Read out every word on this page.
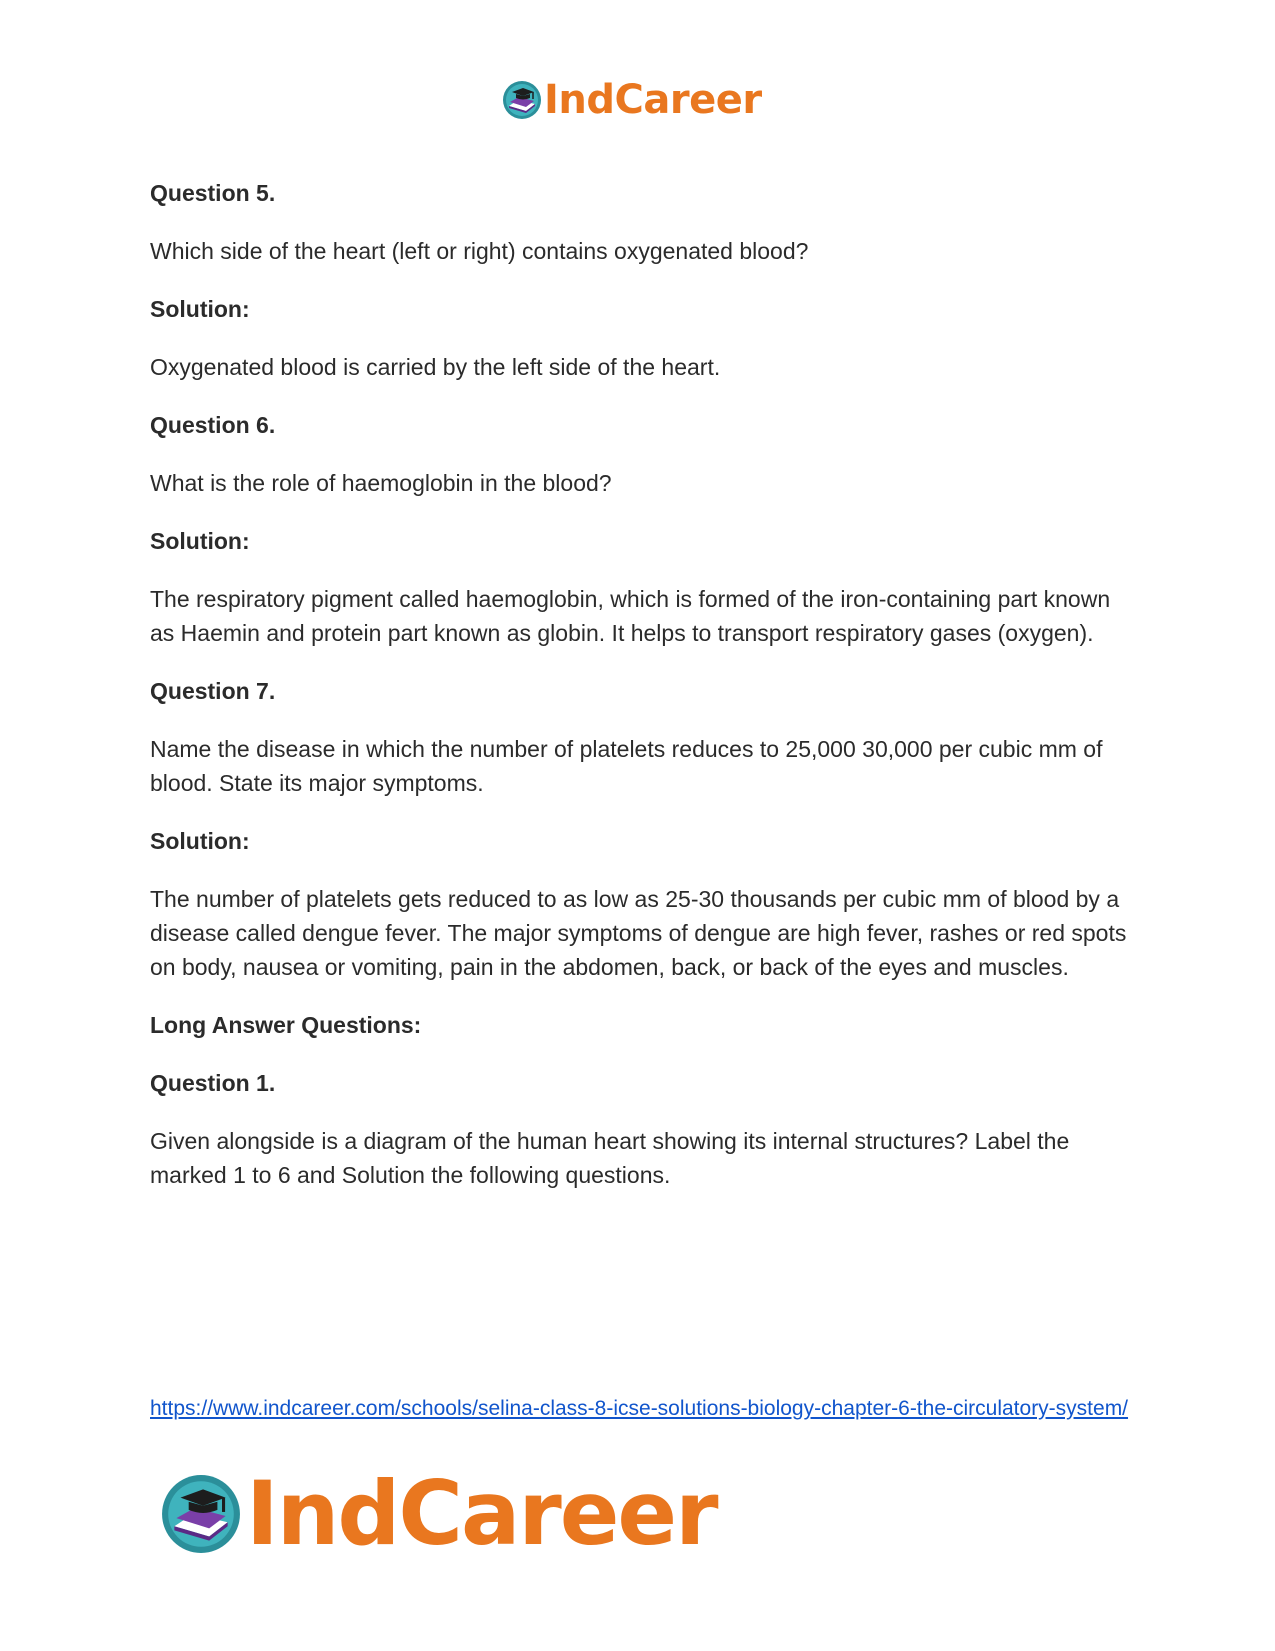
IndCareer

Question 5.

Which side of the heart (left or right) contains oxygenated blood?

Solution:

Oxygenated blood is carried by the left side of the heart.

Question 6.

What is the role of haemoglobin in the blood?

Solution:

The respiratory pigment called haemoglobin, which is formed of the iron-containing part known as Haemin and protein part known as globin. It helps to transport respiratory gases (oxygen).

Question 7.

Name the disease in which the number of platelets reduces to 25,000 30,000 per cubic mm of blood. State its major symptoms.

Solution:

The number of platelets gets reduced to as low as 25-30 thousands per cubic mm of blood by a disease called dengue fever. The major symptoms of dengue are high fever, rashes or red spots on body, nausea or vomiting, pain in the abdomen, back, or back of the eyes and muscles.

Long Answer Questions:

Question 1.

Given alongside is a diagram of the human heart showing its internal structures? Label the marked 1 to 6 and Solution the following questions.

https://www.indcareer.com/schools/selina-class-8-icse-solutions-biology-chapter-6-the-circulatory-system/
IndCareer
